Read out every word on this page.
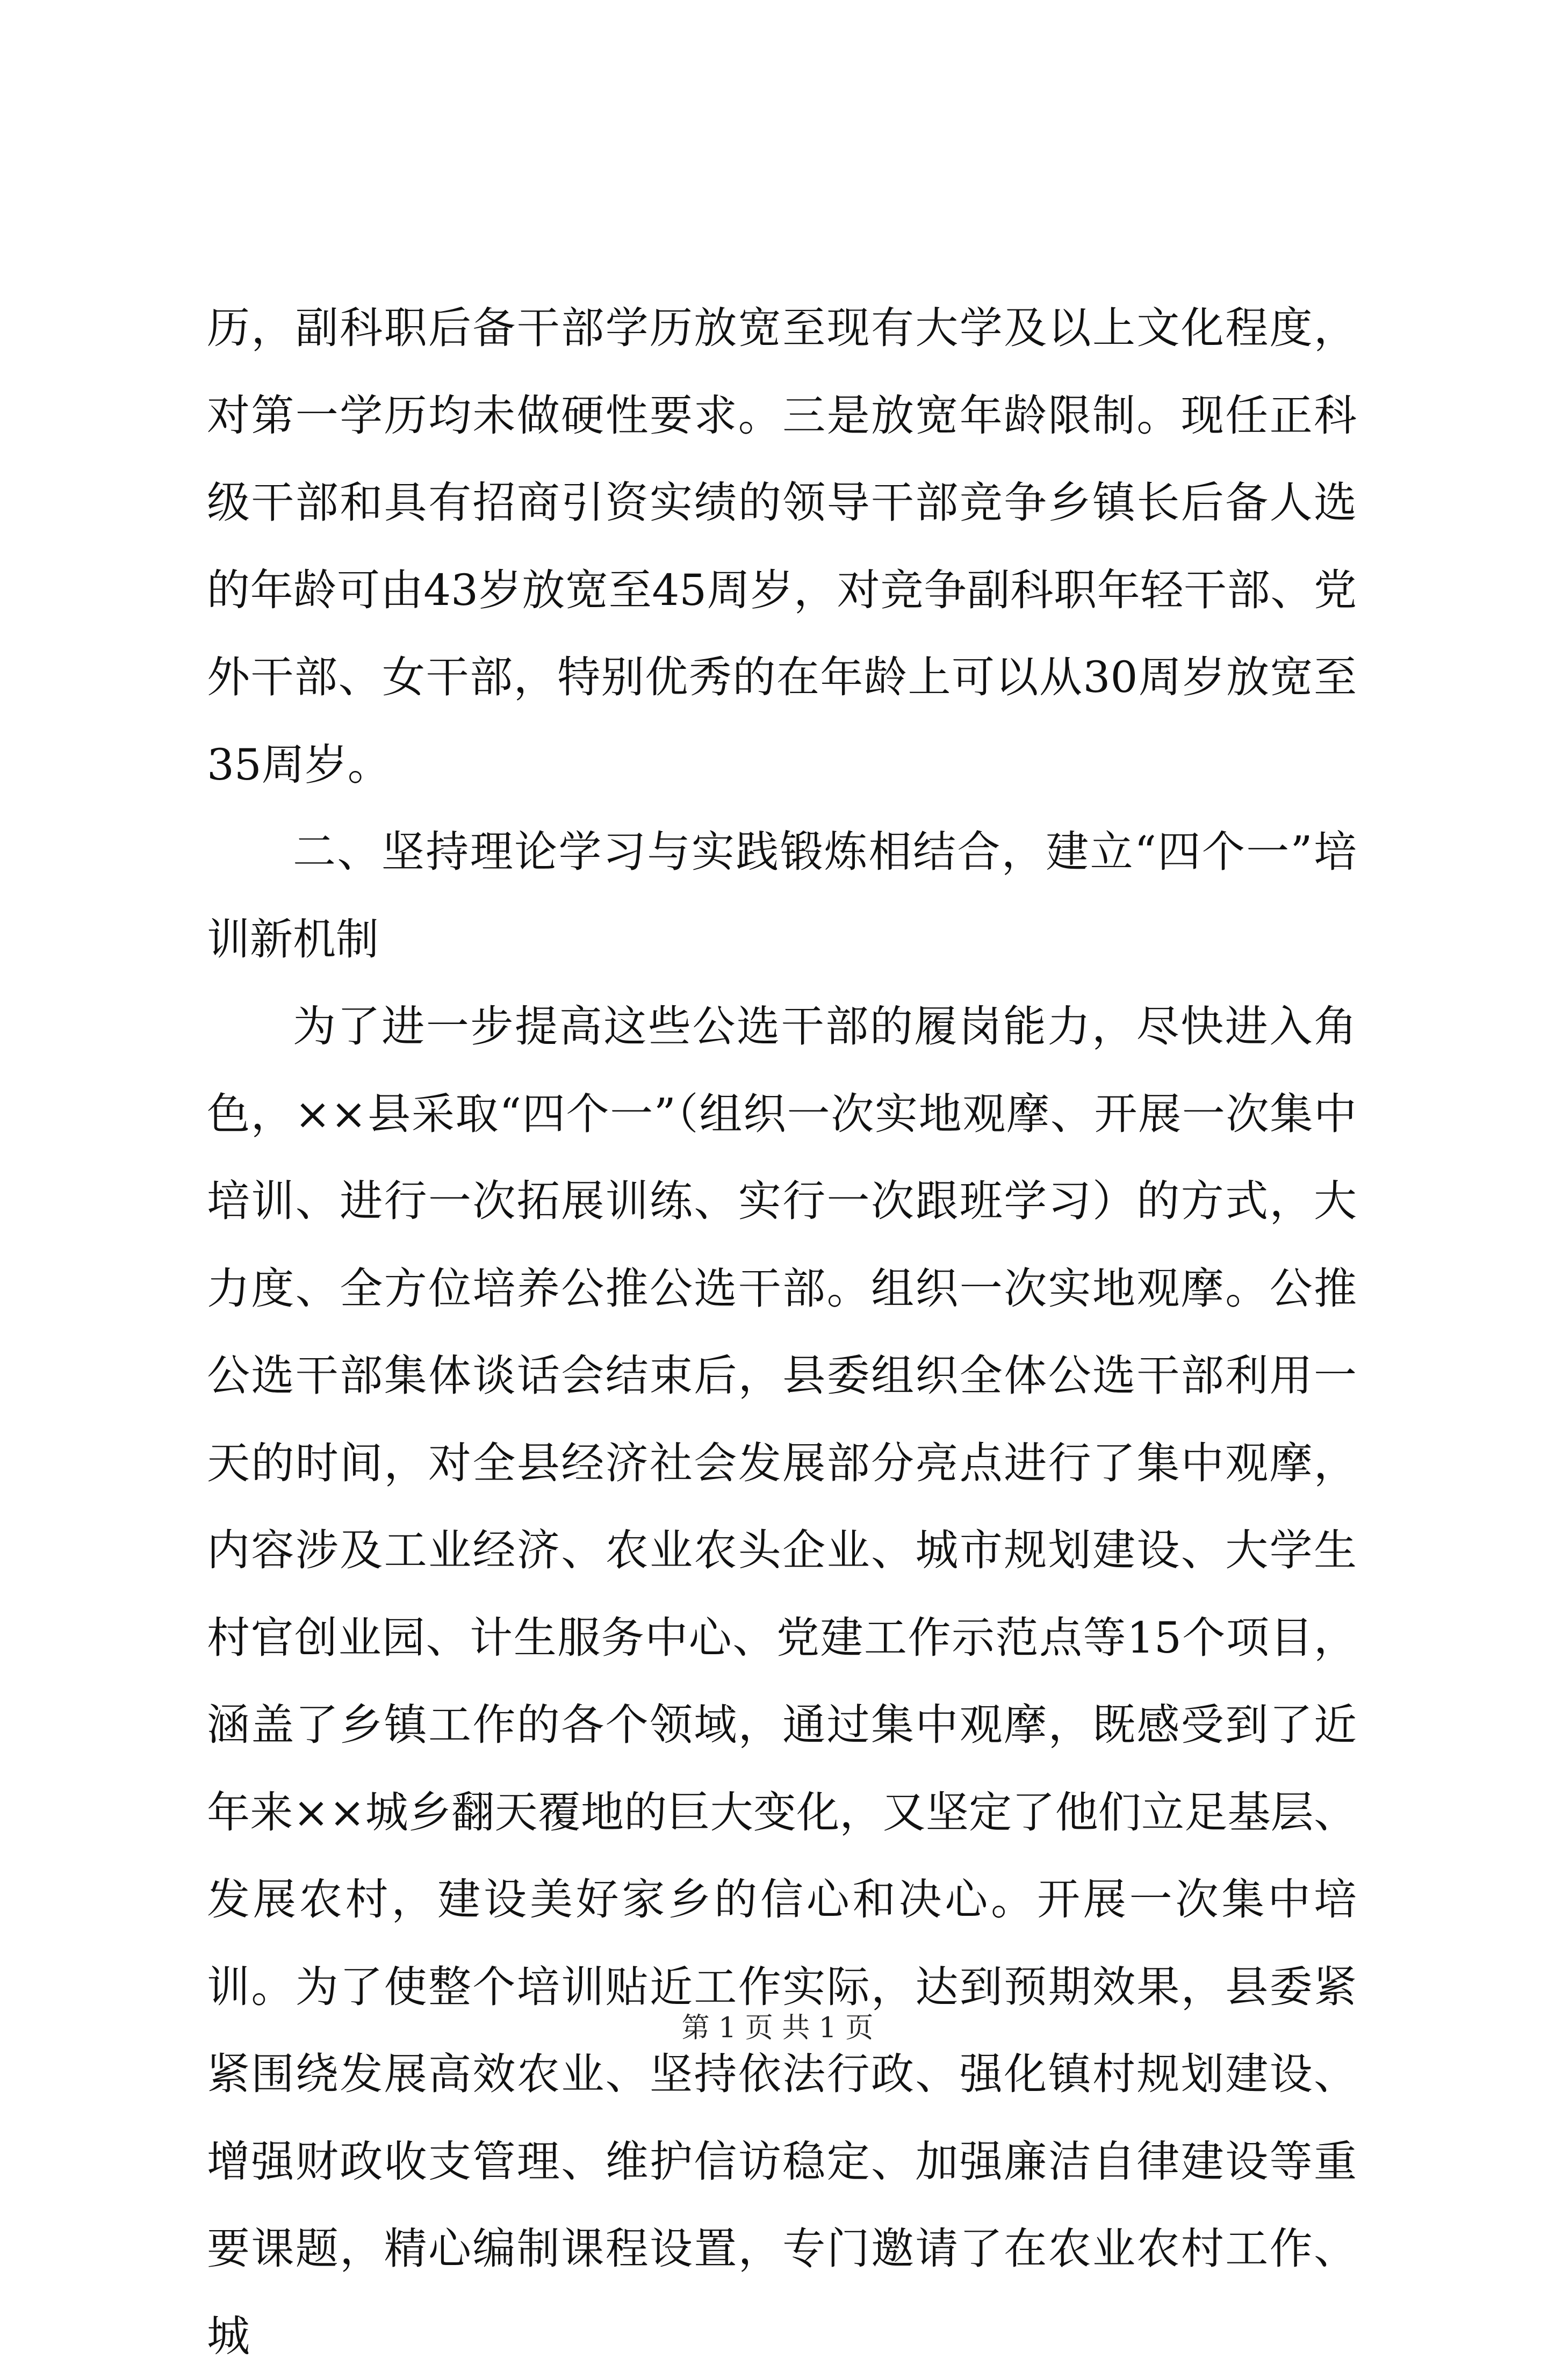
历，副科职后备干部学历放宽至现有大学及以上文化程度，对第一学历均未做硬性要求。三是放宽年龄限制。现任正科级干部和具有招商引资实绩的领导干部竞争乡镇长后备人选的年龄可由43岁放宽至45周岁，对竞争副科职年轻干部、党外干部、女干部，特别优秀的在年龄上可以从30周岁放宽至35周岁。

二、坚持理论学习与实践锻炼相结合，建立“四个一”培训新机制

为了进一步提高这些公选干部的履岗能力，尽快进入角色，××县采取“四个一”（组织一次实地观摩、开展一次集中培训、进行一次拓展训练、实行一次跟班学习）的方式，大力度、全方位培养公推公选干部。组织一次实地观摩。公推公选干部集体谈话会结束后，县委组织全体公选干部利用一天的时间，对全县经济社会发展部分亮点进行了集中观摩，内容涉及工业经济、农业农头企业、城市规划建设、大学生村官创业园、计生服务中心、党建工作示范点等15个项目，涵盖了乡镇工作的各个领域，通过集中观摩，既感受到了近年来××城乡翻天覆地的巨大变化，又坚定了他们立足基层、发展农村，建设美好家乡的信心和决心。开展一次集中培训。为了使整个培训贴近工作实际，达到预期效果，县委紧紧围绕发展高效农业、坚持依法行政、强化镇村规划建设、增强财政收支管理、维护信访稳定、加强廉洁自律建设等重要课题，精心编制课程设置，专门邀请了在农业农村工作、城

第 1 页 共 1 页
